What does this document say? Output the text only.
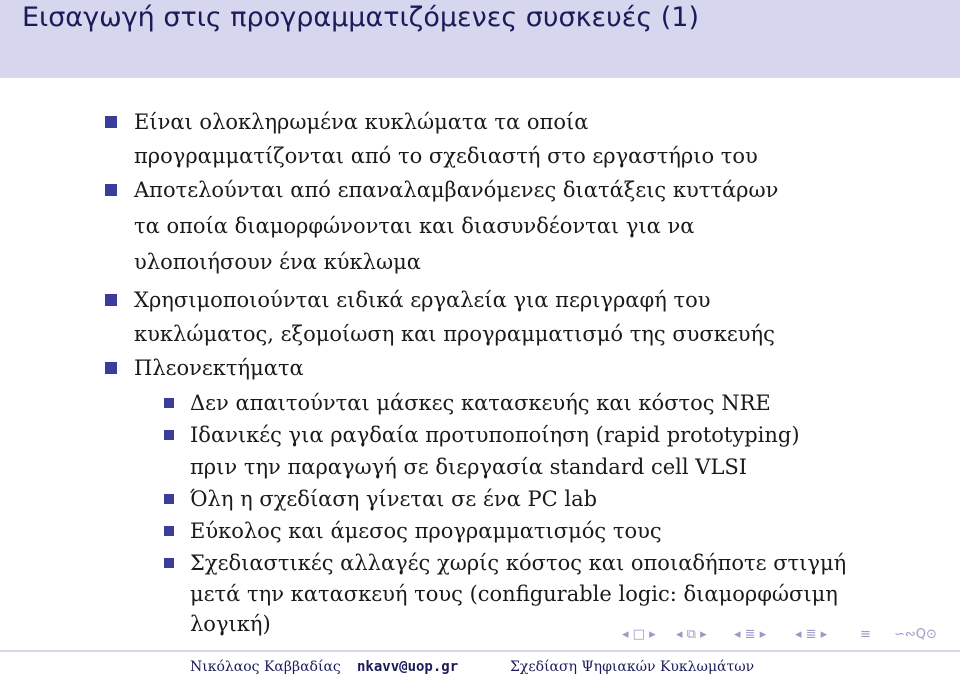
Εισαγωγή στις προγραμματιζόμενες συσκευές (1)
Είναι ολοκληρωμένα κυκλώματα τα οποία
προγραμματίζονται από το σχεδιαστή στο εργαστήριο του
Αποτελούνται από επαναλαμβανόμενες διατάξεις κυττάρων
τα οποία διαμορφώνονται και διασυνδέονται για να
υλοποιήσουν ένα κύκλωμα
Χρησιμοποιούνται ειδικά εργαλεία για περιγραφή του
κυκλώματος, εξομοίωση και προγραμματισμό της συσκευής
Πλεονεκτήματα
Δεν απαιτούνται μάσκες κατασκευής και κόστος NRE
Ιδανικές για ραγδαία προτυποποίηση (rapid prototyping)
πριν την παραγωγή σε διεργασία standard cell VLSI
Όλη η σχεδίαση γίνεται σε ένα PC lab
Εύκολος και άμεσος προγραμματισμός τους
Σχεδιαστικές αλλαγές χωρίς κόστος και οποιαδήποτε στιγμή
μετά την κατασκευή τους (configurable logic: διαμορφώσιμη
λογική)	◂ □ ▸ ◂ ⧉ ▸ ◂ ≣ ▸ ◂ ≣ ▸	≡ ∽∾Q⊙
Νικόλαος Καββαδίας nkavv@uop.gr	Σχεδίαση Ψηφιακών Κυκλωμάτων
